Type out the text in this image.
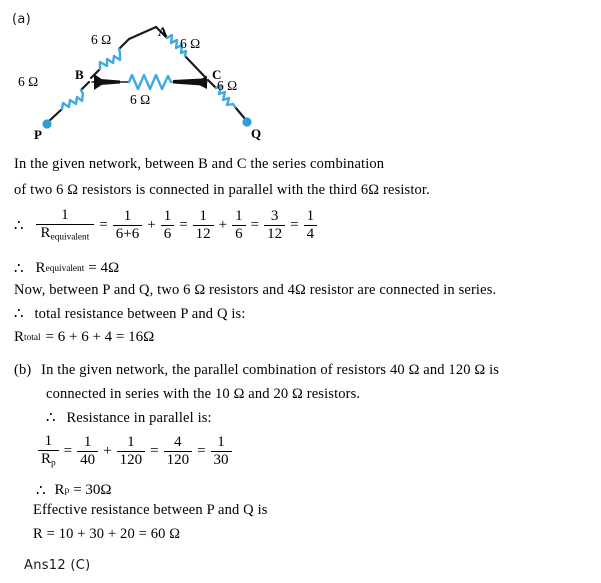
(a)
A
B	C
P	Q
6 Ω	6 Ω
6 Ω	6 Ω
6 Ω
In the given network, between B and C the series combination
of two 6 Ω resistors is connected in parallel with the third 6Ω resistor.
∴ $\frac{1}{R_{equivalent}} = \frac{1}{6+6} + \frac{1}{6} = \frac{1}{12} + \frac{1}{6} = \frac{3}{12} = \frac{1}{4}$
∴ R equivalent = 4Ω
Now, between P and Q, two 6 Ω resistors and 4Ω resistor are connected in series.
∴ total resistance between P and Q is:
R total = 6 + 6 + 4 = 16Ω
(b) In the given network, the parallel combination of resistors 40 Ω and 120 Ω is
connected in series with the 10 Ω and 20 Ω resistors.
∴ Resistance in parallel is:
$\frac{1}{R_p} = \frac{1}{40} + \frac{1}{120} = \frac{4}{120} = \frac{1}{30}$
∴ R p = 30Ω
Effective resistance between P and Q is
R = 10 + 30 + 20 = 60 Ω
Ans12 (C)
